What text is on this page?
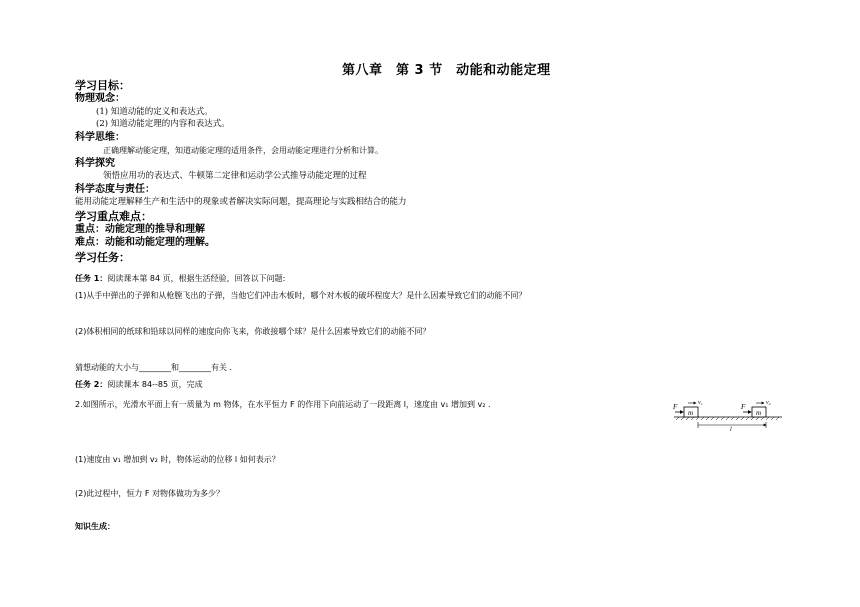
第八章　第 3 节　动能和动能定理
学习目标：
物理观念：
(1) 知道动能的定义和表达式。
(2) 知道动能定理的内容和表达式。
科学思维：
正确理解动能定理，知道动能定理的适用条件，会用动能定理进行分析和计算。
科学探究
领悟应用功的表达式、牛顿第二定律和运动学公式推导动能定理的过程
科学态度与责任：
能用动能定理解释生产和生活中的现象或者解决实际问题，提高理论与实践相结合的能力
学习重点难点：
重点：动能定理的推导和理解
难点：动能和动能定理的理解。
学习任务：
任务 1：阅读课本第 84 页，根据生活经验，回答以下问题:
(1)从手中弹出的子弹和从枪膛飞出的子弹，当他它们冲击木板时，哪个对木板的破坏程度大？是什么因素导致它们的动能不同？
(2)体积相同的纸球和铅球以同样的速度向你飞来，你敢接哪个球？是什么因素导致它们的动能不同？
猜想动能的大小与________和________有关 .
任务 2：阅读课本 84--85 页，完成
2.如图所示，光滑水平面上有一质量为 m 物体，在水平恒力 F 的作用下向前运动了一段距离 l，速度由 v₁ 增加到 v₂ .
(1)速度由 v₁ 增加到 v₂ 时，物体运动的位移 l 如何表示？
(2)此过程中，恒力 F 对物体做功为多少？
知识生成：
m
F	v₁
m
F	v₂
l
